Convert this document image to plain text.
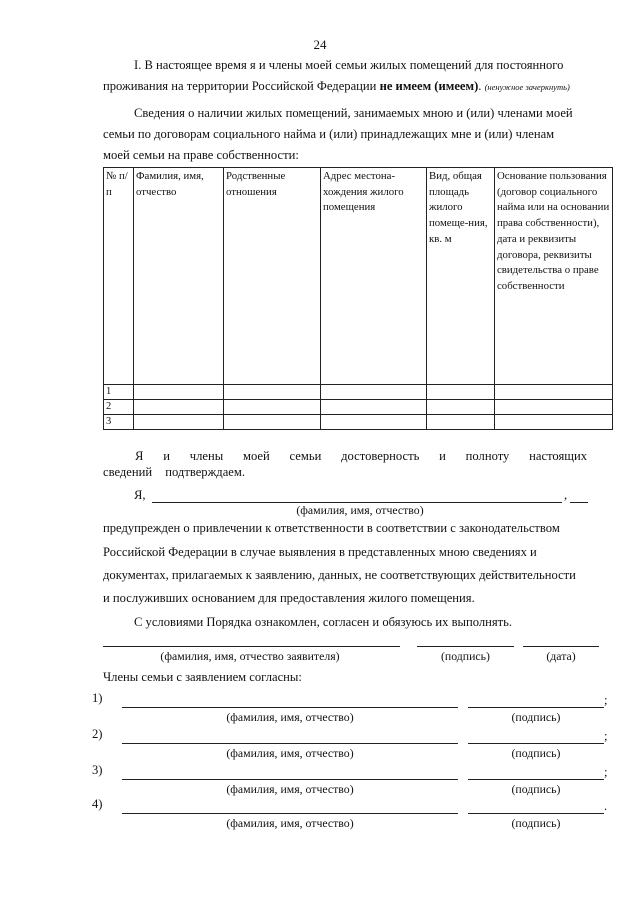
24
I. В настоящее время я и члены моей семьи жилых помещений для постоянного
проживания на территории Российской Федерации не имеем (имеем). (ненужное зачеркнуть)
Сведения о наличии жилых помещений, занимаемых мною и (или) членами моей
семьи по договорам социального найма и (или) принадлежащих мне и (или) членам
моей семьи на праве собственности:
№ п/ п	Фамилия, имя, отчество	Родственные отношения	Адрес местона-хождения жилого помещения	Вид, общая площадь жилого помеще-ния, кв. м	Основание пользования (договор социального найма или на основании права собственности), дата и реквизиты договора, реквизиты свидетельства о праве собственности
1					
2					
3					
Я и члены моей семьи достоверность и полноту настоящих сведений подтверждаем.
Я,	,
(фамилия, имя, отчество)
предупрежден о привлечении к ответственности в соответствии с законодательством
Российской Федерации в случае выявления в представленных мною сведениях и
документах, прилагаемых к заявлению, данных, не соответствующих действительности
и послуживших основанием для предоставления жилого помещения.
С условиями Порядка ознакомлен, согласен и обязуюсь их выполнять.
(фамилия, имя, отчество заявителя)	(подпись)	(дата)
Члены семьи с заявлением согласны:
1)	;
(фамилия, имя, отчество)	(подпись)
2)	;
(фамилия, имя, отчество)	(подпись)
3)	;
(фамилия, имя, отчество)	(подпись)
4)	.
(фамилия, имя, отчество)	(подпись)
